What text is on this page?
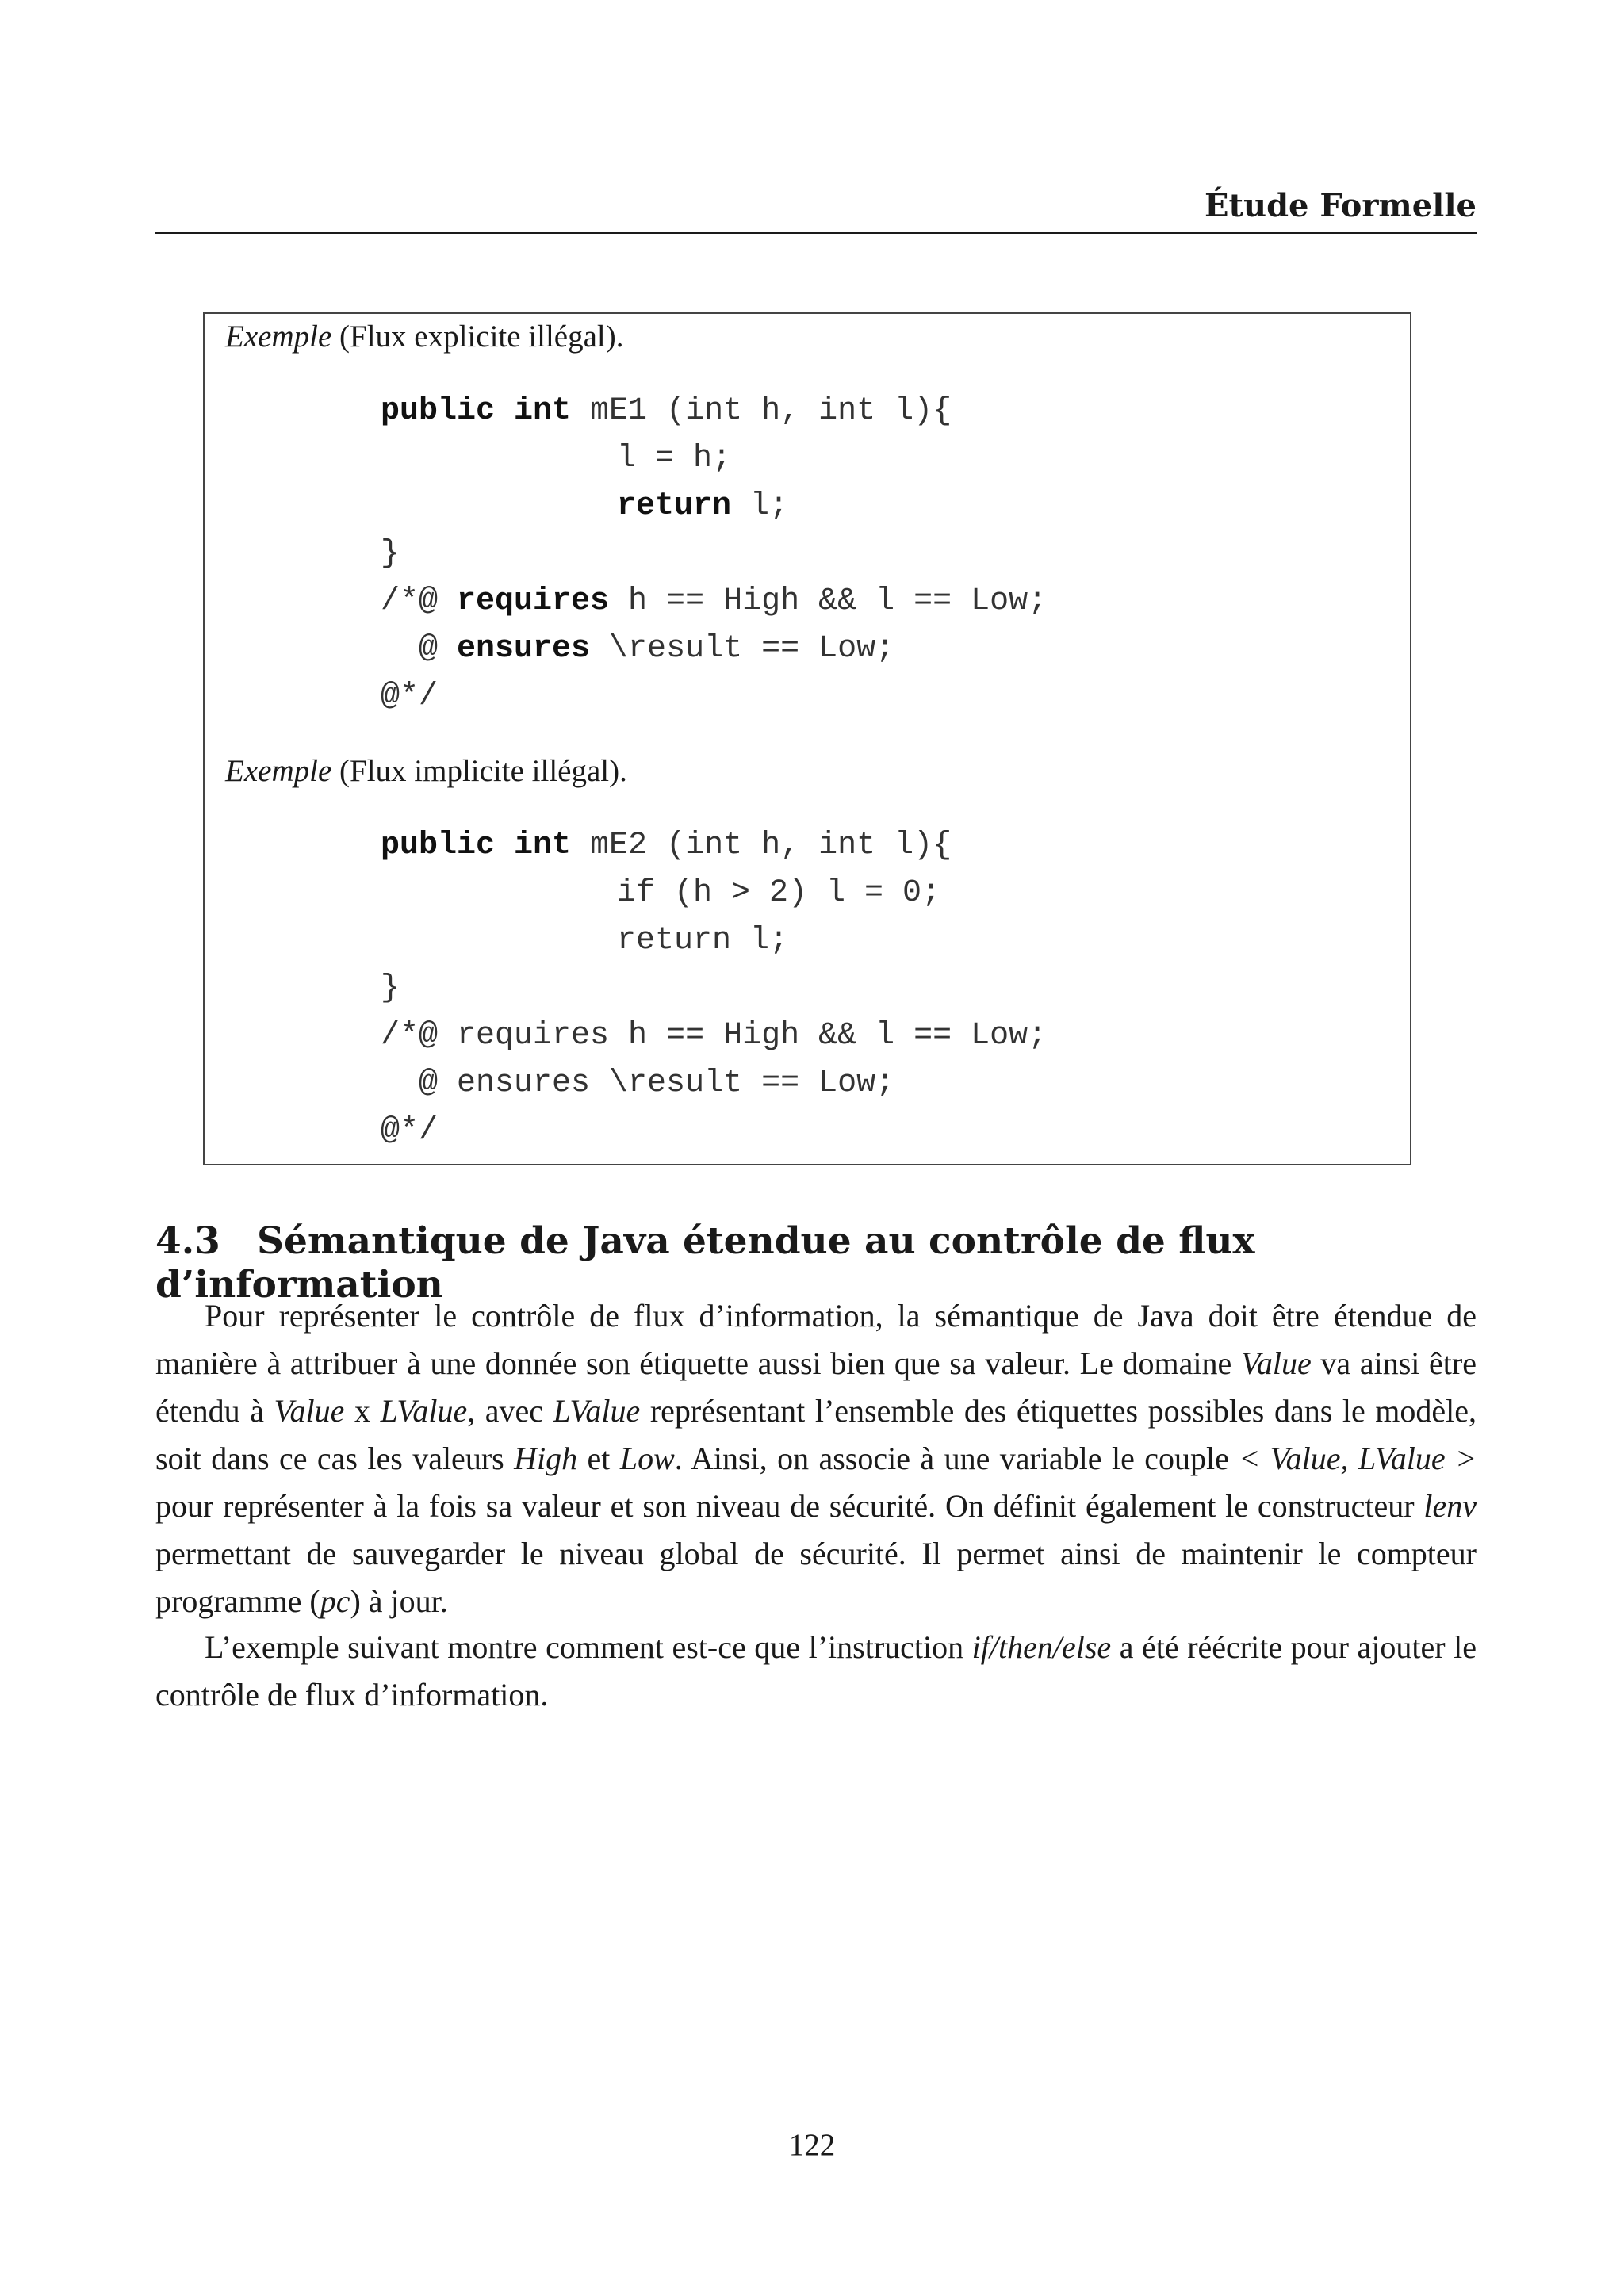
Étude Formelle
Exemple (Flux explicite illégal).
public int mE1 (int h, int l){
l = h;
return l;
}
/*@ requires h == High && l == Low;
@ ensures \result == Low;
@*/
Exemple (Flux implicite illégal).
public int mE2 (int h, int l){
if (h > 2) l = 0;
return l;
}
/*@ requires h == High && l == Low;
@ ensures \result == Low;
@*/
4.3 Sémantique de Java étendue au contrôle de flux d’information
Pour représenter le contrôle de flux d’information, la sémantique de Java doit être étendue de manière à attribuer à une donnée son étiquette aussi bien que sa valeur. Le domaine Value va ainsi être étendu à Value x LValue, avec LValue représentant l’ensemble des étiquettes possibles dans le modèle, soit dans ce cas les valeurs High et Low. Ainsi, on associe à une variable le couple < Value, LValue > pour représenter à la fois sa valeur et son niveau de sécurité. On définit également le constructeur lenv permettant de sauvegarder le niveau global de sécurité. Il permet ainsi de maintenir le compteur programme (pc) à jour.
L’exemple suivant montre comment est-ce que l’instruction if/then/else a été réécrite pour ajouter le contrôle de flux d’information.
122
